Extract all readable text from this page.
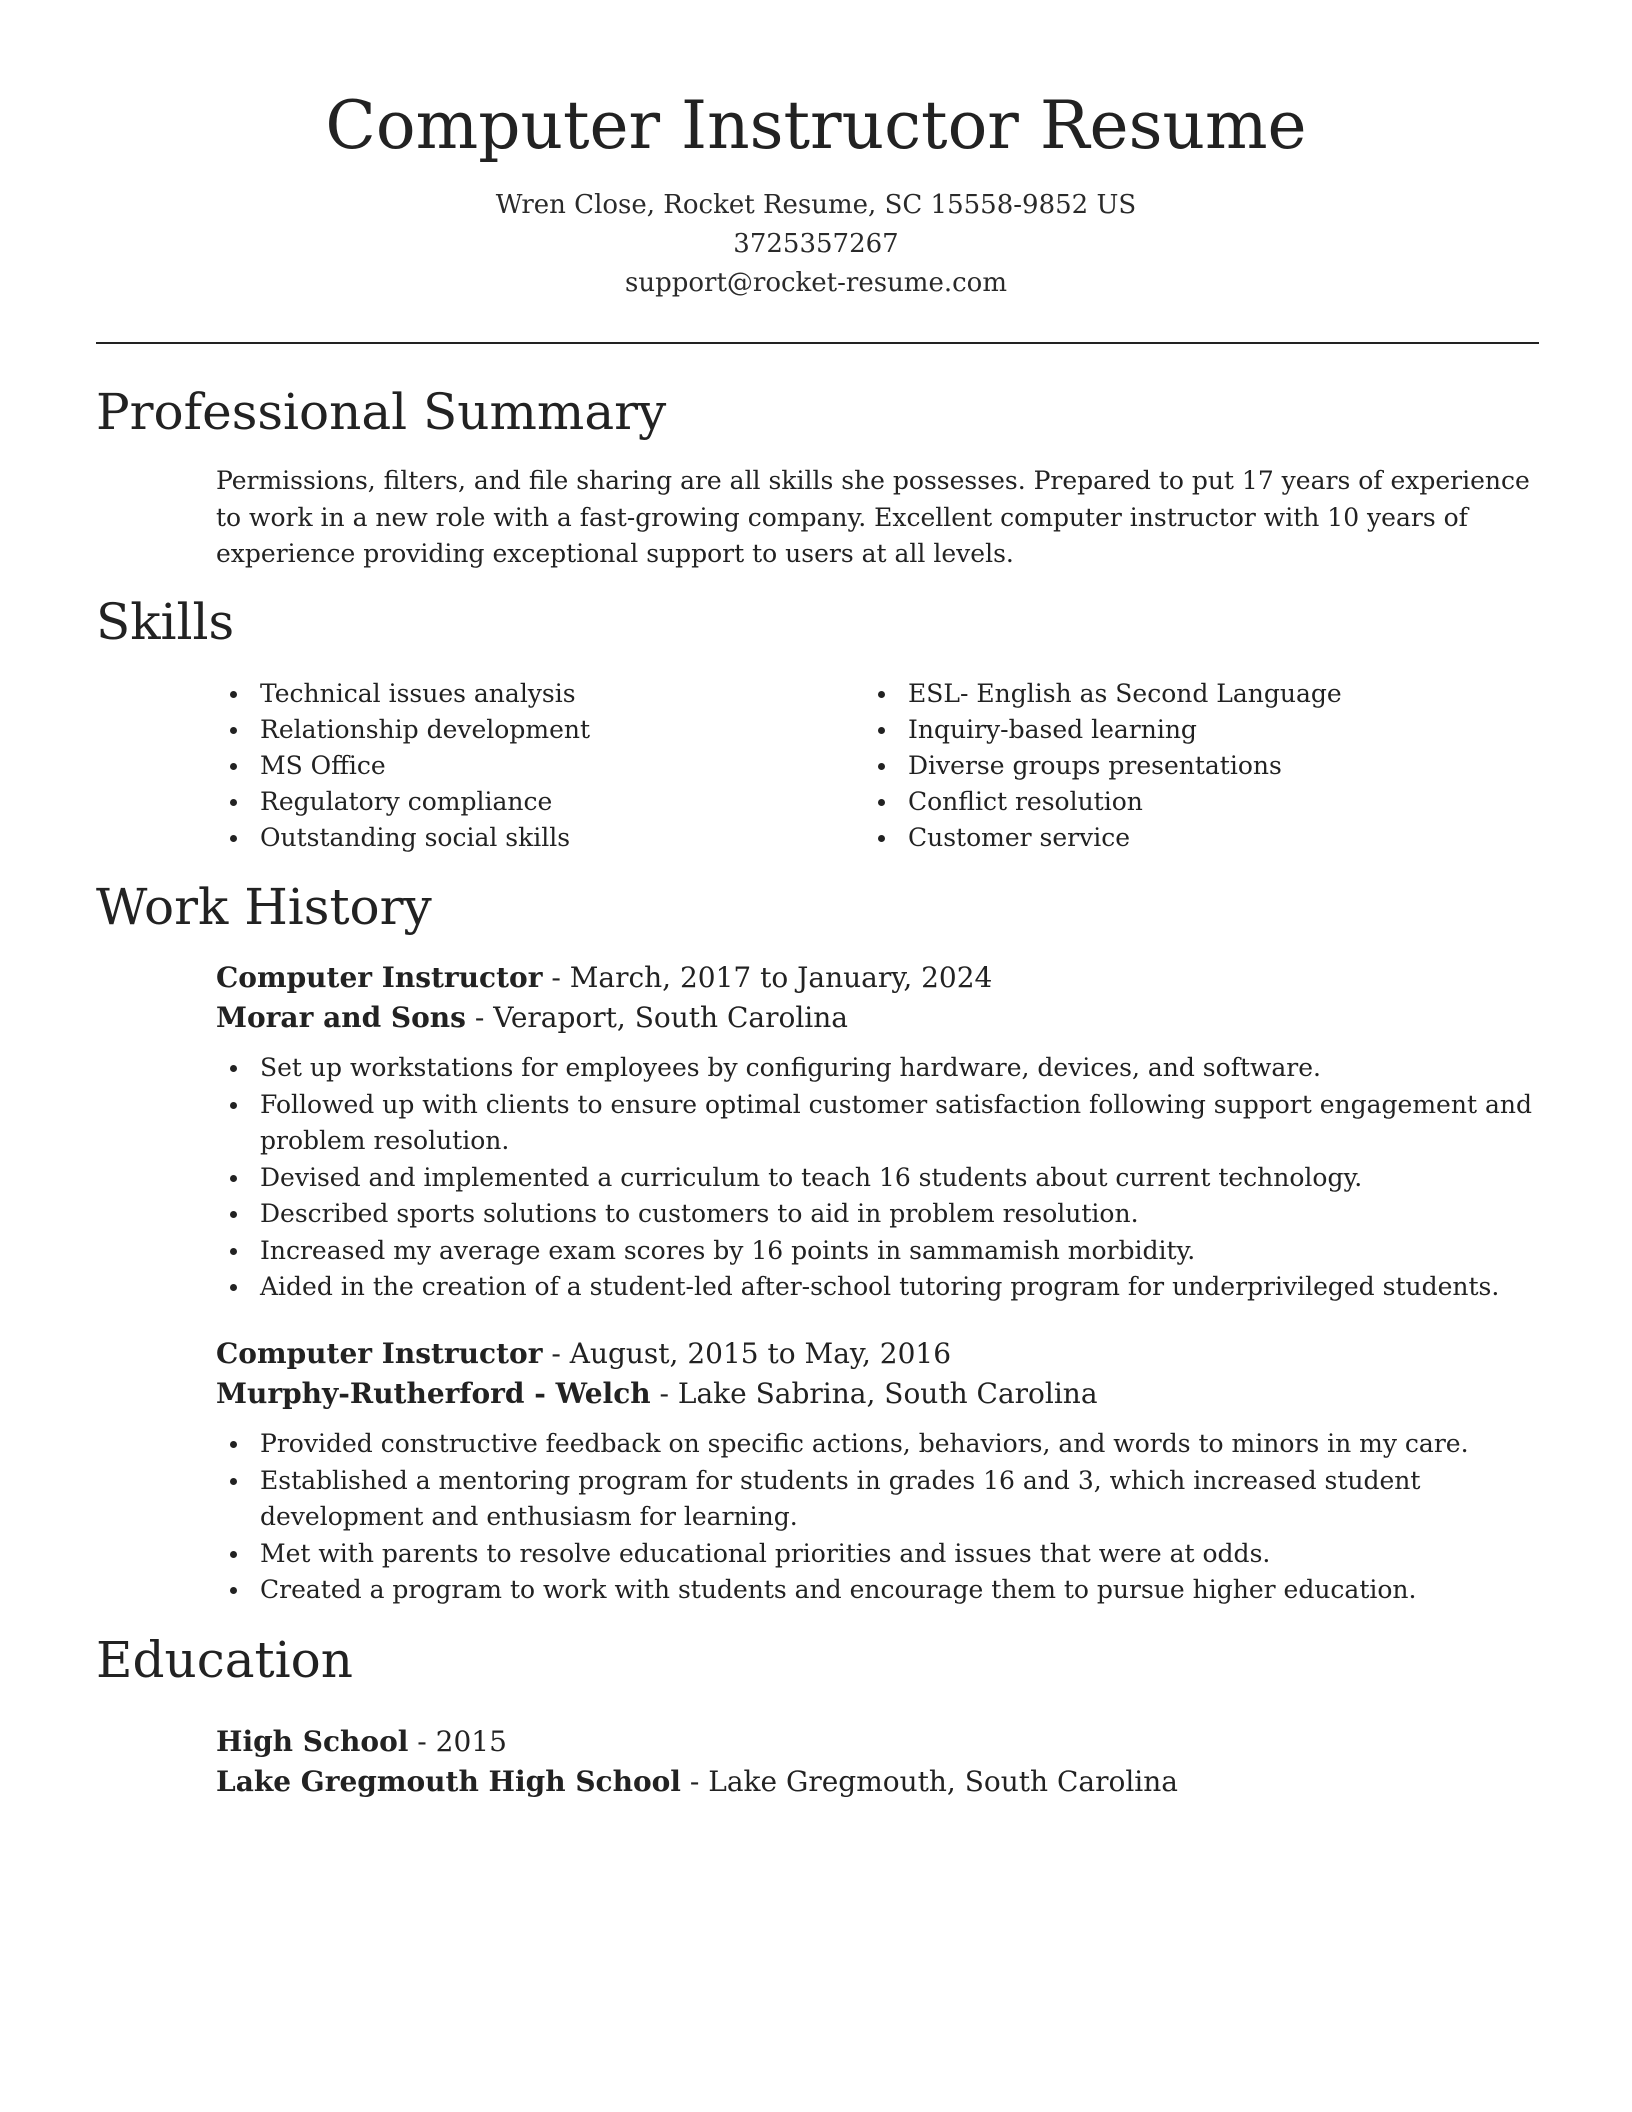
Computer Instructor Resume
Wren Close, Rocket Resume, SC 15558-9852 US
3725357267
support@rocket-resume.com
Professional Summary

Permissions, filters, and file sharing are all skills she possesses. Prepared to put 17 years of experience to work in a new role with a fast-growing company. Excellent computer instructor with 10 years of experience providing exceptional support to users at all levels.

Skills
Technical issues analysis
Relationship development
MS Office
Regulatory compliance
Outstanding social skills
ESL- English as Second Language
Inquiry-based learning
Diverse groups presentations
Conflict resolution
Customer service
Work History
Computer Instructor - March, 2017 to January, 2024
Morar and Sons - Veraport, South Carolina
Set up workstations for employees by configuring hardware, devices, and software.
Followed up with clients to ensure optimal customer satisfaction following support engagement and problem resolution.
Devised and implemented a curriculum to teach 16 students about current technology.
Described sports solutions to customers to aid in problem resolution.
Increased my average exam scores by 16 points in sammamish morbidity.
Aided in the creation of a student-led after-school tutoring program for underprivileged students.
Computer Instructor - August, 2015 to May, 2016
Murphy-Rutherford - Welch - Lake Sabrina, South Carolina
Provided constructive feedback on specific actions, behaviors, and words to minors in my care.
Established a mentoring program for students in grades 16 and 3, which increased student development and enthusiasm for learning.
Met with parents to resolve educational priorities and issues that were at odds.
Created a program to work with students and encourage them to pursue higher education.
Education
High School - 2015
Lake Gregmouth High School - Lake Gregmouth, South Carolina
